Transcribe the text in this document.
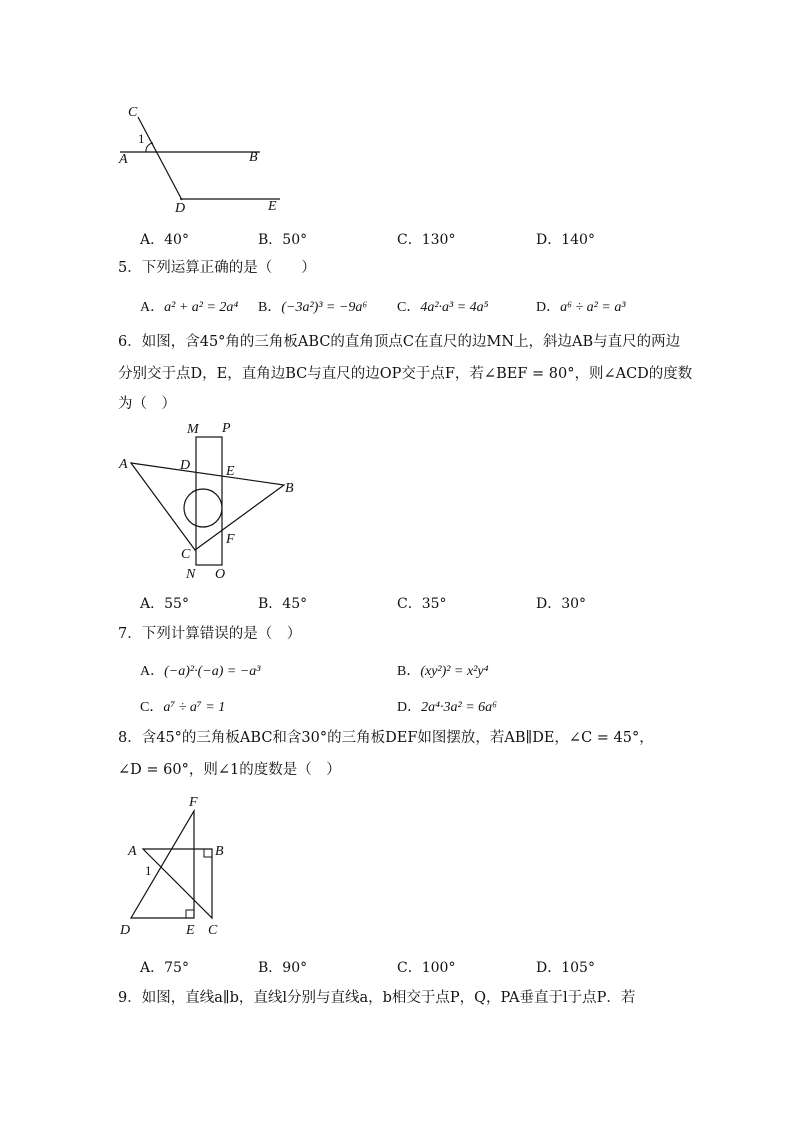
C
1
A	B
D	E
A．40°	B．50°	C．130°	D．140°
5．下列运算正确的是（　　）
A．a² + a² = 2a⁴ B．(−3a²)³ = −9a⁶ C．4a²·a³ = 4a⁵	D．a⁶ ÷ a² = a³
6．如图，含45°角的三角板ABC的直角顶点C在直尺的边MN上，斜边AB与直尺的两边
分别交于点D，E，直角边BC与直尺的边OP交于点F，若∠BEF = 80°，则∠ACD的度数
为（　）
M P
A	D	E
B
C
F
N O
A．55°	B．45°	C．35°	D．30°
7．下列计算错误的是（　）
A．(−a)²·(−a) = −a³	B．(xy²)² = x²y⁴
C．a⁷ ÷ a⁷ = 1	D．2a⁴·3a² = 6a⁶
8．含45°的三角板ABC和含30°的三角板DEF如图摆放，若AB∥DE，∠C = 45°，
∠D = 60°，则∠1的度数是（　）
F
A
1
B
D	E C
A．75°	B．90°	C．100°	D．105°
9．如图，直线a∥b，直线l分别与直线a，b相交于点P，Q，PA垂直于l于点P．若
